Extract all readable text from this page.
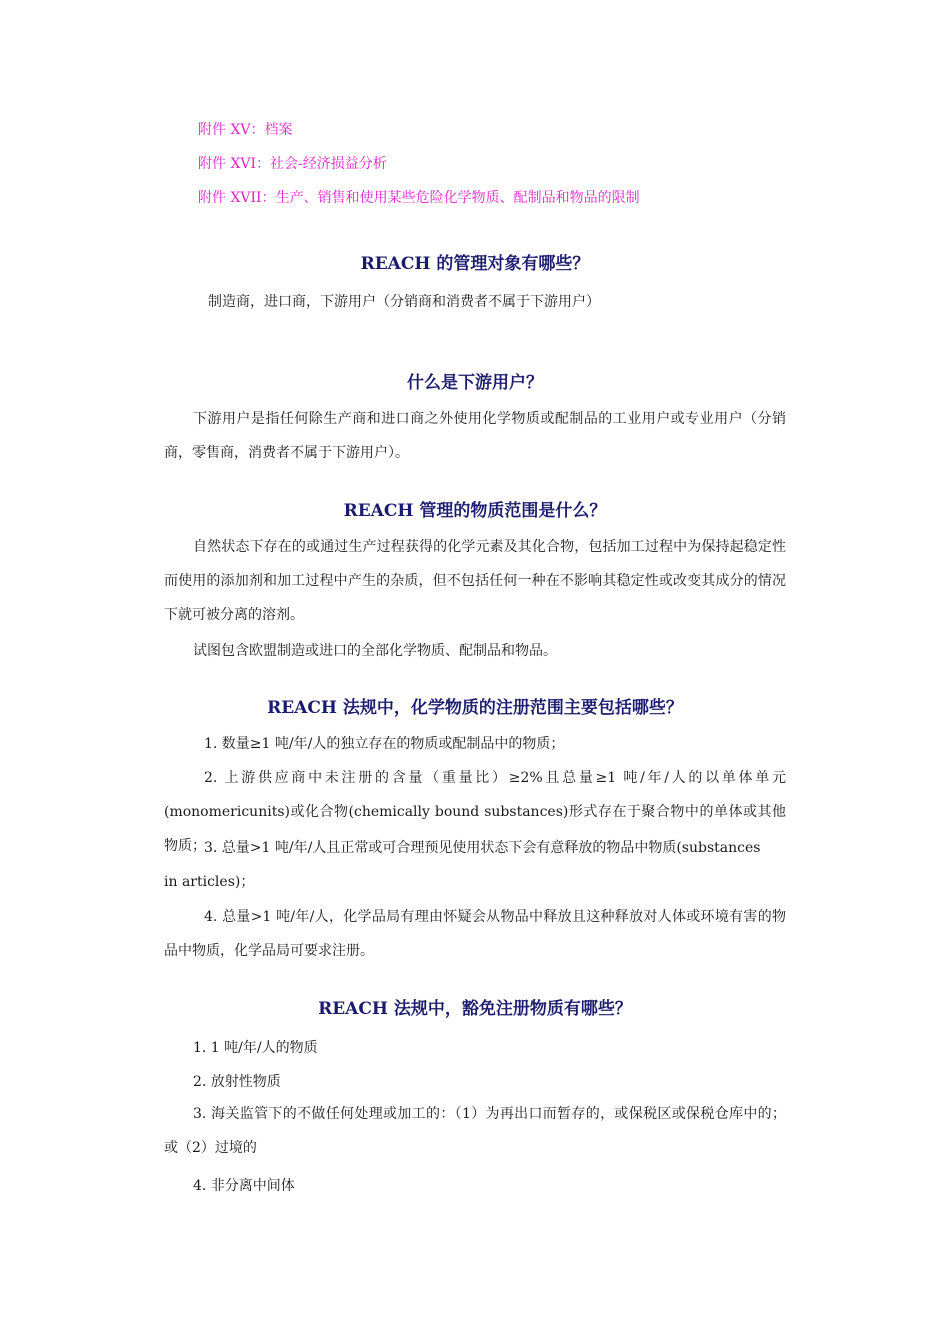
附件 XV：档案
附件 XVI：社会-经济损益分析
附件 XVII：生产、销售和使用某些危险化学物质、配制品和物品的限制
REACH 的管理对象有哪些？
制造商，进口商，下游用户（分销商和消费者不属于下游用户）
什么是下游用户？
下游用户是指任何除生产商和进口商之外使用化学物质或配制品的工业用户或专业用户（分销商，零售商，消费者不属于下游用户）。
REACH 管理的物质范围是什么？
自然状态下存在的或通过生产过程获得的化学元素及其化合物，包括加工过程中为保持起稳定性而使用的添加剂和加工过程中产生的杂质，但不包括任何一种在不影响其稳定性或改变其成分的情况下就可被分离的溶剂。
试图包含欧盟制造或进口的全部化学物质、配制品和物品。
REACH 法规中，化学物质的注册范围主要包括哪些？
1. 数量≥1 吨/年/人的独立存在的物质或配制品中的物质；
2. 上游供应商中未注册的含量（重量比）≥2%且总量≥1 吨/年/人的以单体单元(monomericunits)或化合物(chemically bound substances)形式存在于聚合物中的单体或其他物质；
3. 总量>1 吨/年/人且正常或可合理预见使用状态下会有意释放的物品中物质(substances in articles)；
4. 总量>1 吨/年/人，化学品局有理由怀疑会从物品中释放且这种释放对人体或环境有害的物品中物质，化学品局可要求注册。
REACH 法规中，豁免注册物质有哪些？
1. 1 吨/年/人的物质
2. 放射性物质
3. 海关监管下的不做任何处理或加工的：（1）为再出口而暂存的，或保税区或保税仓库中的；或（2）过境的
4. 非分离中间体
